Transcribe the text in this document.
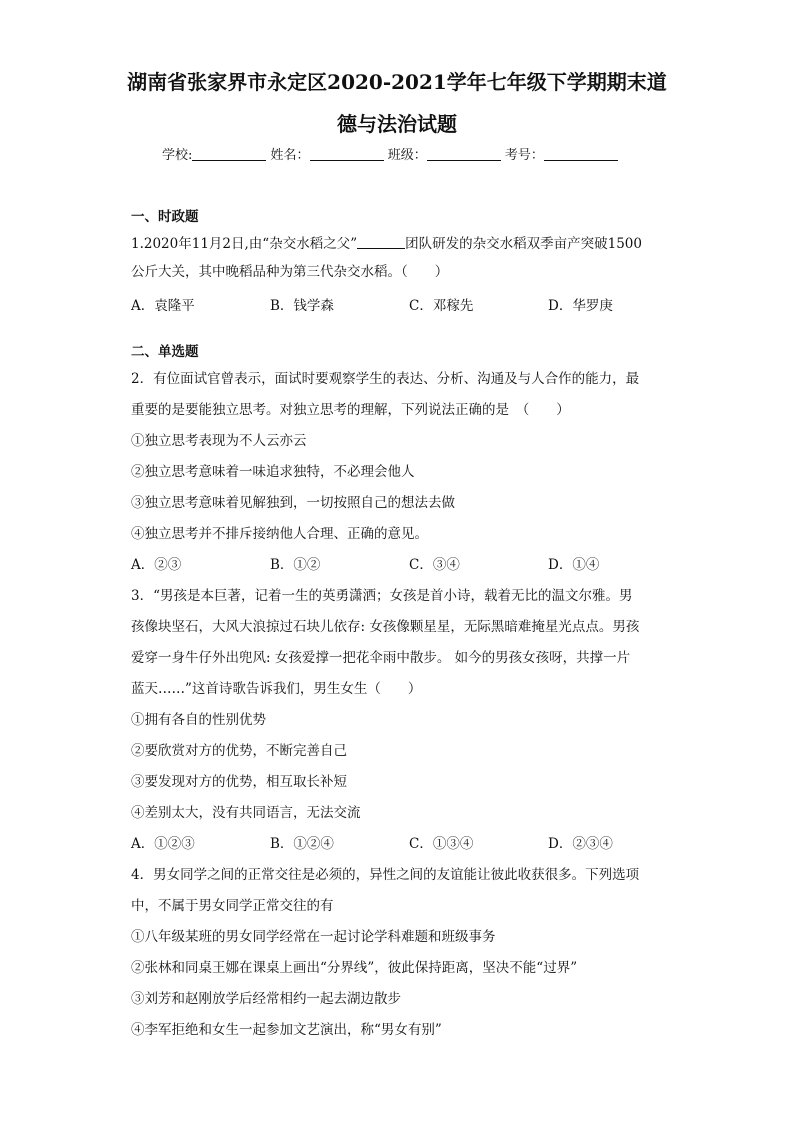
湖南省张家界市永定区2020-2021学年七年级下学期期末道
德与法治试题
学校:	姓名：	班级：	考号：
一、时政题
1.2020年11月2日,由“杂交水稻之父”	团队研发的杂交水稻双季亩产突破1500
公斤大关，其中晚稻品种为第三代杂交水稻。（　　）
A．袁隆平	B．钱学森	C．邓稼先	D．华罗庚
二、单选题
2．有位面试官曾表示，面试时要观察学生的表达、分析、沟通及与人合作的能力，最
重要的是要能独立思考。对独立思考的理解，下列说法正确的是　（　　）
①独立思考表现为不人云亦云
②独立思考意味着一味追求独特，不必理会他人
③独立思考意味着见解独到，一切按照自己的想法去做
④独立思考并不排斥接纳他人合理、正确的意见。
A．②③	B．①②	C．③④	D．①④
3．“男孩是本巨著，记着一生的英勇潇洒；女孩是首小诗，载着无比的温文尔雅。男
孩像块坚石，大风大浪掠过石块儿依存: 女孩像颗星星，无际黑暗难掩星光点点。男孩
爱穿一身牛仔外出兜风: 女孩爱撑一把花伞雨中散步。 如今的男孩女孩呀，共撑一片
蓝天……”这首诗歌告诉我们，男生女生（　　）
①拥有各自的性别优势
②要欣赏对方的优势，不断完善自己
③要发现对方的优势，相互取长补短
④差别太大，没有共同语言，无法交流
A．①②③	B．①②④	C．①③④	D．②③④
4．男女同学之间的正常交往是必须的，异性之间的友谊能让彼此收获很多。下列选项
中，不属于男女同学正常交往的有
①八年级某班的男女同学经常在一起讨论学科难题和班级事务
②张林和同桌王娜在课桌上画出“分界线”，彼此保持距离，坚决不能“过界”
③刘芳和赵刚放学后经常相约一起去湖边散步
④李军拒绝和女生一起参加文艺演出，称“男女有别”
